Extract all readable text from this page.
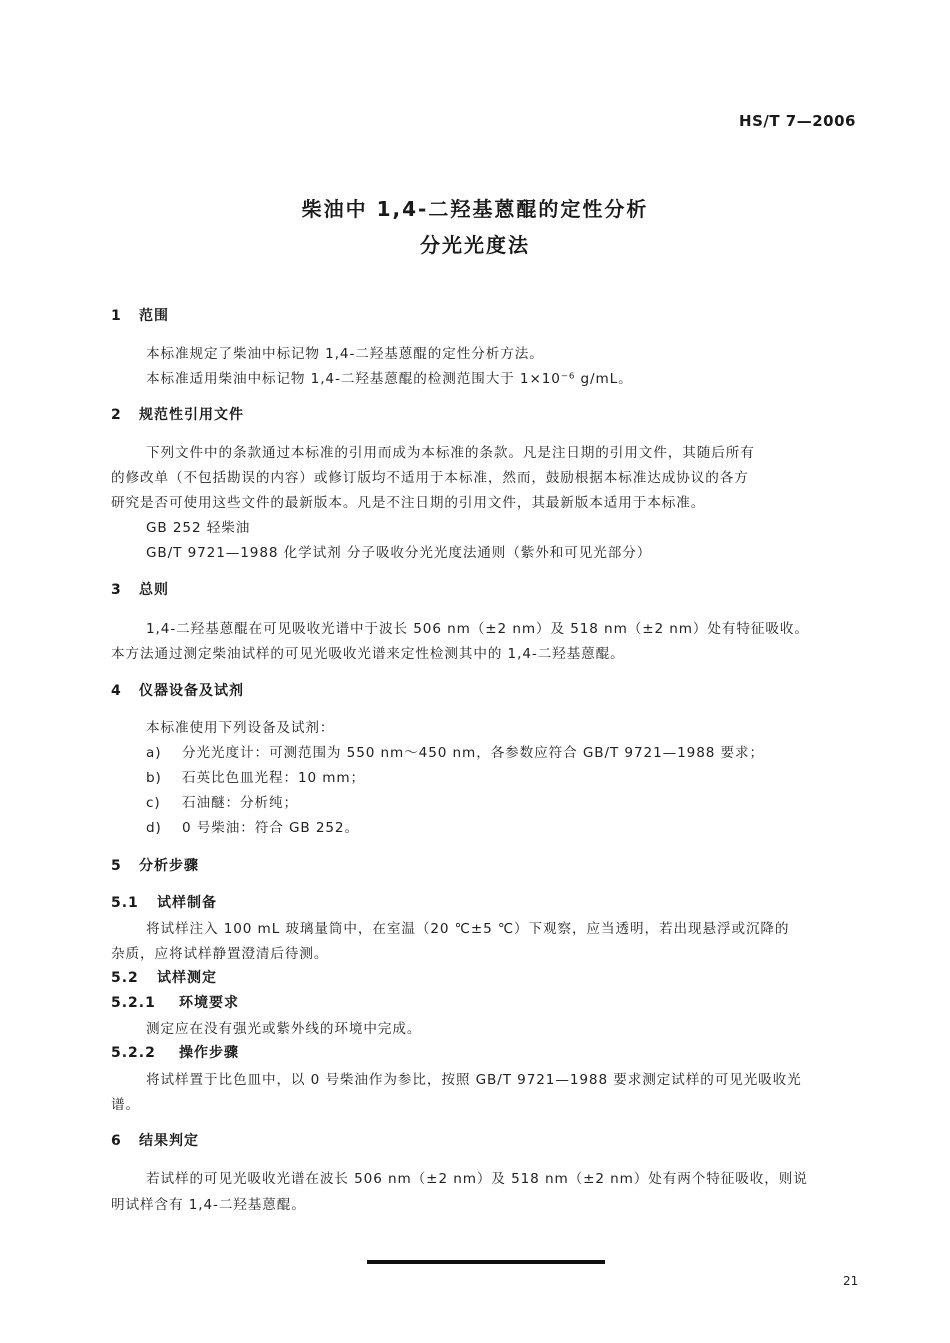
HS/T 7—2006
柴油中 1,4-二羟基蒽醌的定性分析
分光光度法
1 范围
本标准规定了柴油中标记物 1,4-二羟基蒽醌的定性分析方法。
本标准适用柴油中标记物 1,4-二羟基蒽醌的检测范围大于 1×10⁻⁶ g/mL。
2 规范性引用文件
下列文件中的条款通过本标准的引用而成为本标准的条款。凡是注日期的引用文件，其随后所有
的修改单（不包括勘误的内容）或修订版均不适用于本标准，然而，鼓励根据本标准达成协议的各方
研究是否可使用这些文件的最新版本。凡是不注日期的引用文件，其最新版本适用于本标准。
GB 252 轻柴油
GB/T 9721—1988 化学试剂 分子吸收分光光度法通则（紫外和可见光部分）
3 总则
1,4-二羟基蒽醌在可见吸收光谱中于波长 506 nm（±2 nm）及 518 nm（±2 nm）处有特征吸收。
本方法通过测定柴油试样的可见光吸收光谱来定性检测其中的 1,4-二羟基蒽醌。
4 仪器设备及试剂
本标准使用下列设备及试剂：
a) 分光光度计：可测范围为 550 nm～450 nm，各参数应符合 GB/T 9721—1988 要求；
b) 石英比色皿光程：10 mm；
c) 石油醚：分析纯；
d) 0 号柴油：符合 GB 252。
5 分析步骤
5.1 试样制备
将试样注入 100 mL 玻璃量筒中，在室温（20 ℃±5 ℃）下观察，应当透明，若出现悬浮或沉降的
杂质，应将试样静置澄清后待测。
5.2 试样测定
5.2.1 环境要求
测定应在没有强光或紫外线的环境中完成。
5.2.2 操作步骤
将试样置于比色皿中，以 0 号柴油作为参比，按照 GB/T 9721—1988 要求测定试样的可见光吸收光
谱。
6 结果判定
若试样的可见光吸收光谱在波长 506 nm（±2 nm）及 518 nm（±2 nm）处有两个特征吸收，则说
明试样含有 1,4-二羟基蒽醌。
21
